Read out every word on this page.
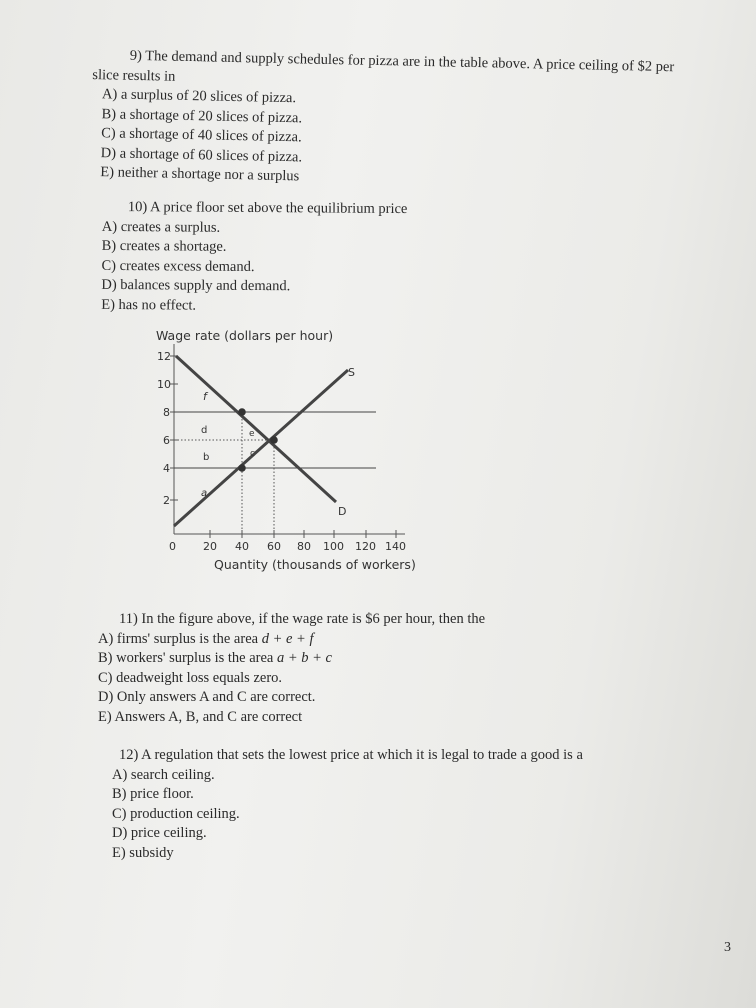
9) The demand and supply schedules for pizza are in the table above. A price ceiling of $2 per
slice results in
A) a surplus of 20 slices of pizza.
B) a shortage of 20 slices of pizza.
C) a shortage of 40 slices of pizza.
D) a shortage of 60 slices of pizza.
E) neither a shortage nor a surplus
10) A price floor set above the equilibrium price
A) creates a surplus.
B) creates a shortage.
C) creates excess demand.
D) balances supply and demand.
E) has no effect.
Wage rate (dollars per hour)
12
10
8
6
4
2
0 20 40 60 80 100 120 140
Quantity (thousands of workers)
S
D
f
d	e
b	c
a
11) In the figure above, if the wage rate is $6 per hour, then the
A) firms' surplus is the area d + e + f
B) workers' surplus is the area a + b + c
C) deadweight loss equals zero.
D) Only answers A and C are correct.
E) Answers A, B, and C are correct
12) A regulation that sets the lowest price at which it is legal to trade a good is a
A) search ceiling.
B) price floor.
C) production ceiling.
D) price ceiling.
E) subsidy
3
